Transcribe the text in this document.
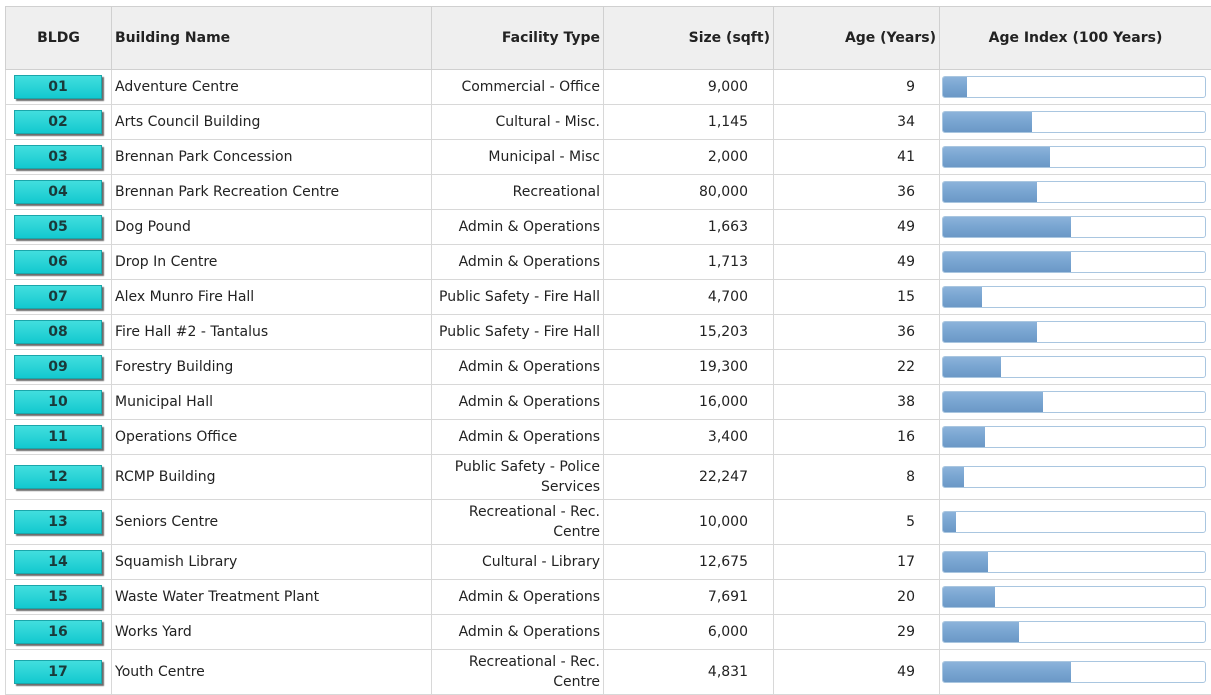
BLDG	Building Name	Facility Type	Size (sqft)	Age (Years)	Age Index (100 Years)

01	Adventure Centre	Commercial - Office	9,000	9	

02	Arts Council Building	Cultural - Misc.	1,145	34	

03	Brennan Park Concession	Municipal - Misc	2,000	41	

04	Brennan Park Recreation Centre	Recreational	80,000	36	

05	Dog Pound	Admin & Operations	1,663	49	

06	Drop In Centre	Admin & Operations	1,713	49	

07	Alex Munro Fire Hall	Public Safety - Fire Hall	4,700	15	

08	Fire Hall #2 - Tantalus	Public Safety - Fire Hall	15,203	36	

09	Forestry Building	Admin & Operations	19,300	22	

10	Municipal Hall	Admin & Operations	16,000	38	

11	Operations Office	Admin & Operations	3,400	16	

12	RCMP Building	Public Safety - Police Services	22,247	8	

13	Seniors Centre	Recreational - Rec. Centre	10,000	5	

14	Squamish Library	Cultural - Library	12,675	17	

15	Waste Water Treatment Plant	Admin & Operations	7,691	20	

16	Works Yard	Admin & Operations	6,000	29	

17	Youth Centre	Recreational - Rec. Centre	4,831	49	
